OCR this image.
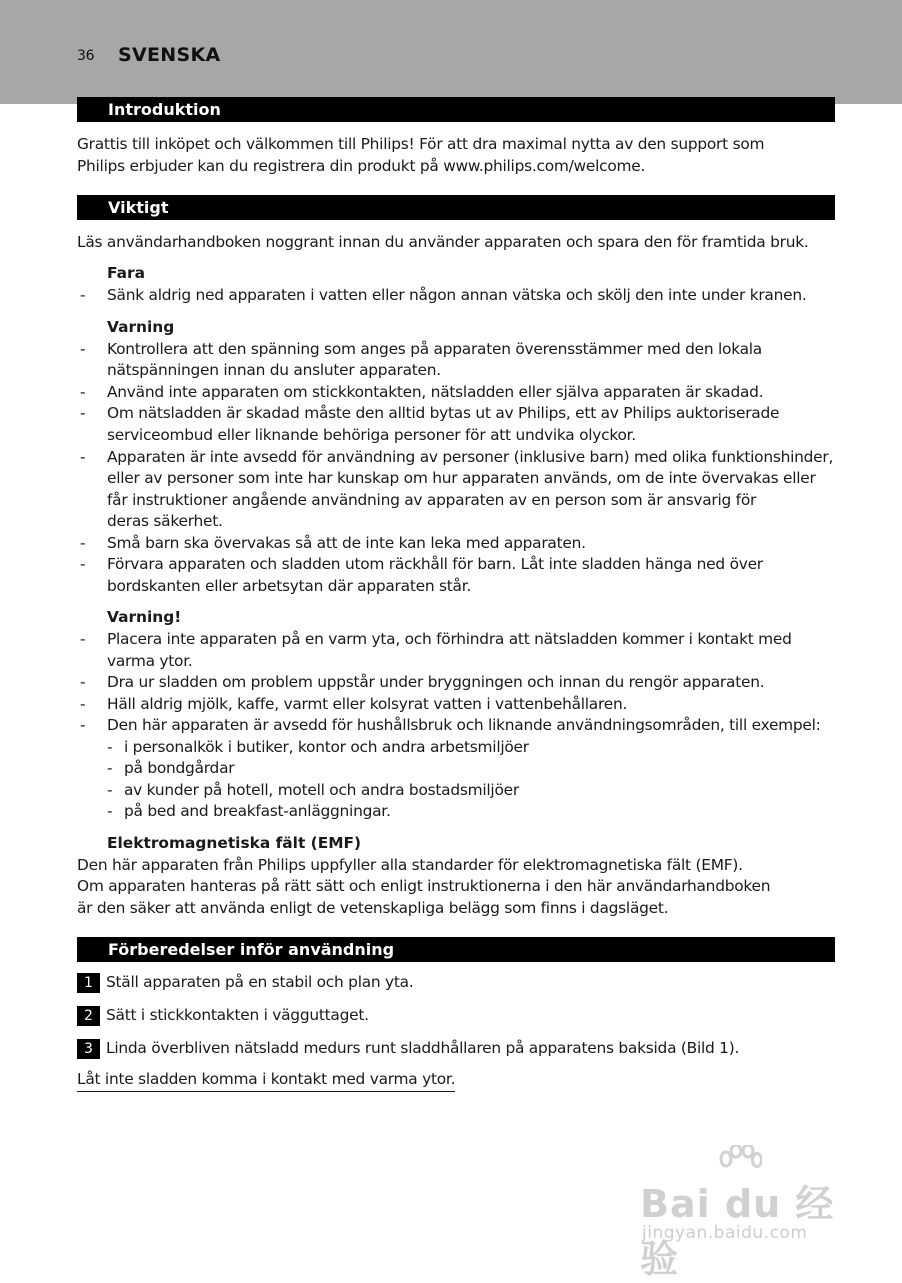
36 SVENSKA
Introduktion
Grattis till inköpet och välkommen till Philips! För att dra maximal nytta av den support som
Philips erbjuder kan du registrera din produkt på www.philips.com/welcome.
Viktigt
Läs användarhandboken noggrant innan du använder apparaten och spara den för framtida bruk.
Fara
- Sänk aldrig ned apparaten i vatten eller någon annan vätska och skölj den inte under kranen.
Varning
- Kontrollera att den spänning som anges på apparaten överensstämmer med den lokala
nätspänningen innan du ansluter apparaten.
- Använd inte apparaten om stickkontakten, nätsladden eller själva apparaten är skadad.
- Om nätsladden är skadad måste den alltid bytas ut av Philips, ett av Philips auktoriserade
serviceombud eller liknande behöriga personer för att undvika olyckor.
- Apparaten är inte avsedd för användning av personer (inklusive barn) med olika funktionshinder,
eller av personer som inte har kunskap om hur apparaten används, om de inte övervakas eller
får instruktioner angående användning av apparaten av en person som är ansvarig för
deras säkerhet.
- Små barn ska övervakas så att de inte kan leka med apparaten.
- Förvara apparaten och sladden utom räckhåll för barn. Låt inte sladden hänga ned över
bordskanten eller arbetsytan där apparaten står.
Varning!
- Placera inte apparaten på en varm yta, och förhindra att nätsladden kommer i kontakt med
varma ytor.
- Dra ur sladden om problem uppstår under bryggningen och innan du rengör apparaten.
- Häll aldrig mjölk, kaffe, varmt eller kolsyrat vatten i vattenbehållaren.
- Den här apparaten är avsedd för hushållsbruk och liknande användningsområden, till exempel:
- i personalkök i butiker, kontor och andra arbetsmiljöer
- på bondgårdar
- av kunder på hotell, motell och andra bostadsmiljöer
- på bed and breakfast-anläggningar.
Elektromagnetiska fält (EMF)
Den här apparaten från Philips uppfyller alla standarder för elektromagnetiska fält (EMF).
Om apparaten hanteras på rätt sätt och enligt instruktionerna i den här användarhandboken
är den säker att använda enligt de vetenskapliga belägg som finns i dagsläget.
Förberedelser inför användning
1 Ställ apparaten på en stabil och plan yta.
2 Sätt i stickkontakten i vägguttaget.
3 Linda överbliven nätsladd medurs runt sladdhållaren på apparatens baksida (Bild 1).
Låt inte sladden komma i kontakt med varma ytor.
Bai du 经验
jingyan.baidu.com
